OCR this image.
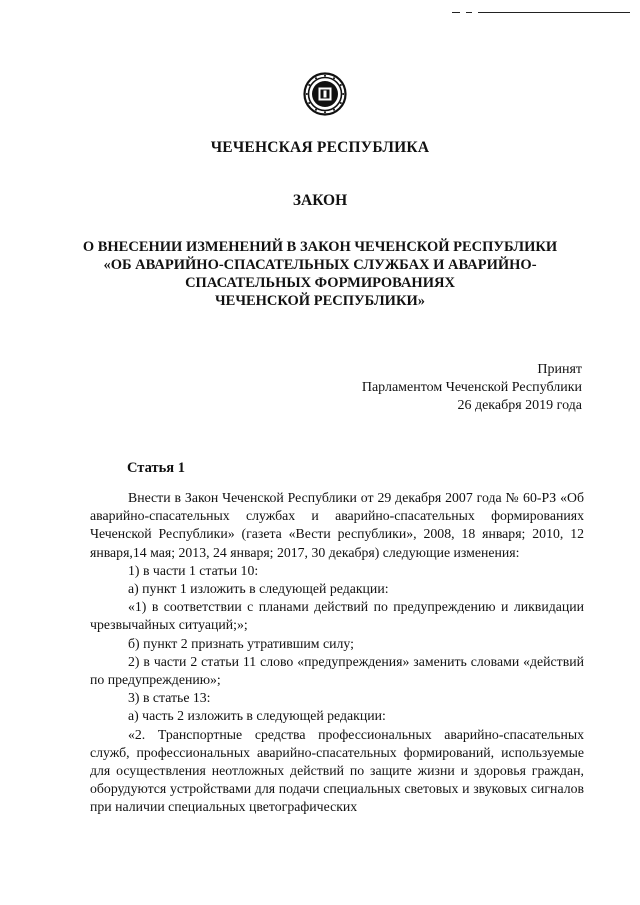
ЧЕЧЕНСКАЯ РЕСПУБЛИКА
ЗАКОН
О ВНЕСЕНИИ ИЗМЕНЕНИЙ В ЗАКОН ЧЕЧЕНСКОЙ РЕСПУБЛИКИ
«ОБ АВАРИЙНО-СПАСАТЕЛЬНЫХ СЛУЖБАХ И АВАРИЙНО-
СПАСАТЕЛЬНЫХ ФОРМИРОВАНИЯХ
ЧЕЧЕНСКОЙ РЕСПУБЛИКИ»
Принят
Парламентом Чеченской Республики
26 декабря 2019 года
Статья 1

Внести в Закон Чеченской Республики от 29 декабря 2007 года № 60-РЗ «Об аварийно-спасательных службах и аварийно-спасательных формированиях Чеченской Республики» (газета «Вести республики», 2008, 18 января; 2010, 12 января,14 мая; 2013, 24 января; 2017, 30 декабря) следующие изменения:

1) в части 1 статьи 10:

а) пункт 1 изложить в следующей редакции:

«1) в соответствии с планами действий по предупреждению и ликвидации чрезвычайных ситуаций;»;

б) пункт 2 признать утратившим силу;

2) в части 2 статьи 11 слово «предупреждения» заменить словами «действий по предупреждению»;

3) в статье 13:

а) часть 2 изложить в следующей редакции:

«2. Транспортные средства профессиональных аварийно-спасательных служб, профессиональных аварийно-спасательных формирований, используемые для осуществления неотложных действий по защите жизни и здоровья граждан, оборудуются устройствами для подачи специальных световых и звуковых сигналов при наличии специальных цветографических
